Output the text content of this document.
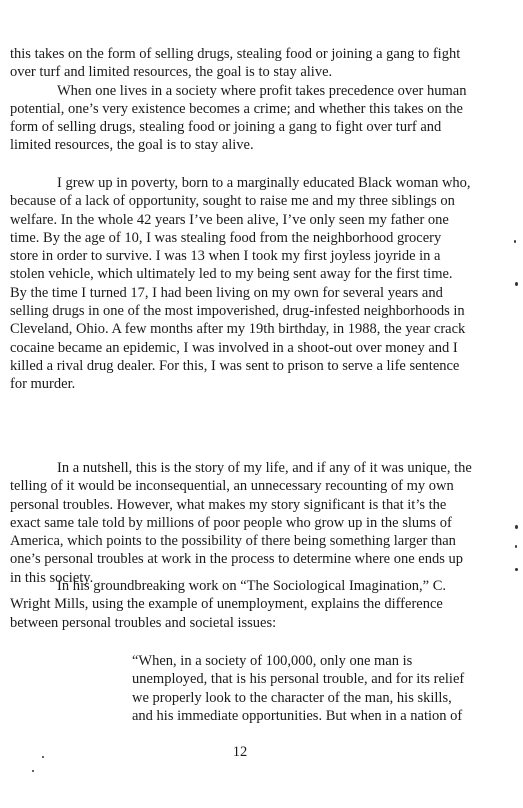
this takes on the form of selling drugs, stealing food or joining a gang to fight over turf and limited resources, the goal is to stay alive.

When one lives in a society where profit takes precedence over human potential, one’s very existence becomes a crime; and whether this takes on the form of selling drugs, stealing food or joining a gang to fight over turf and limited resources, the goal is to stay alive.

I grew up in poverty, born to a marginally educated Black woman who, because of a lack of opportunity, sought to raise me and my three siblings on welfare. In the whole 42 years I’ve been alive, I’ve only seen my father one time. By the age of 10, I was stealing food from the neighborhood grocery store in order to survive. I was 13 when I took my first joyless joyride in a stolen vehicle, which ultimately led to my being sent away for the first time. By the time I turned 17, I had been living on my own for several years and selling drugs in one of the most impoverished, drug-infested neighborhoods in Cleveland, Ohio. A few months after my 19th birthday, in 1988, the year crack cocaine became an epidemic, I was involved in a shoot-out over money and I killed a rival drug dealer. For this, I was sent to prison to serve a life sentence for murder.

In a nutshell, this is the story of my life, and if any of it was unique, the telling of it would be inconsequential, an unnecessary recounting of my own personal troubles. However, what makes my story significant is that it’s the exact same tale told by millions of poor people who grow up in the slums of America, which points to the possibility of there being something larger than one’s personal troubles at work in the process to determine where one ends up in this society.

In his groundbreaking work on “The Sociological Imagination,” C. Wright Mills, using the example of unemployment, explains the difference between personal troubles and societal issues:

“When, in a society of 100,000, only one man is unemployed, that is his personal trouble, and for its relief we properly look to the character of the man, his skills, and his immediate opportunities. But when in a nation of

12
